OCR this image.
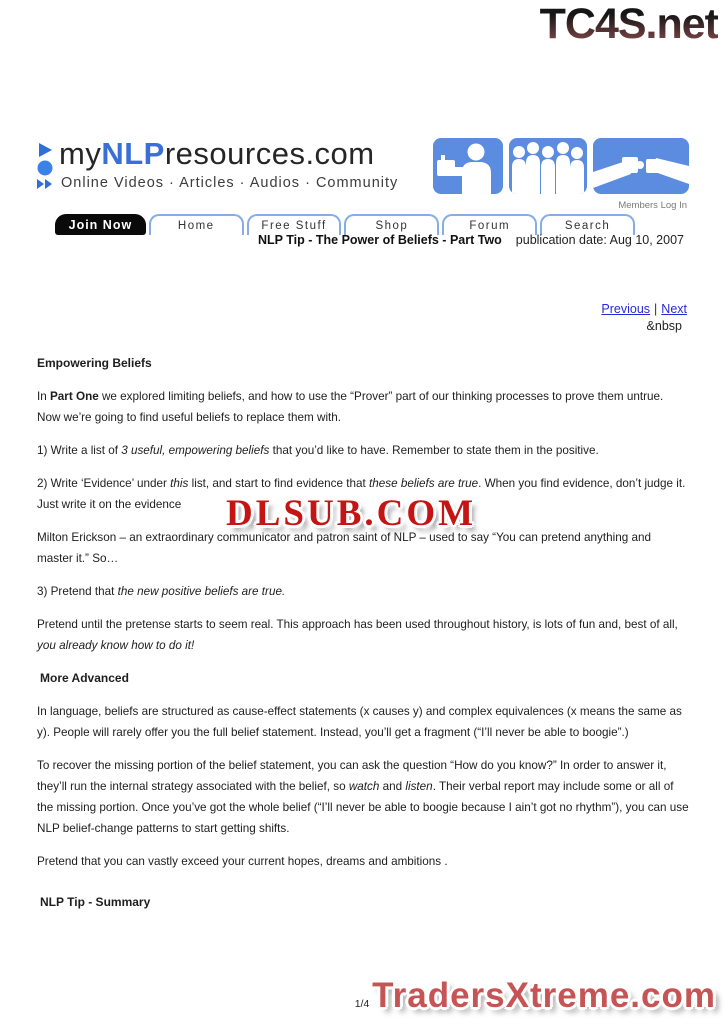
TC4S.net
myNLPresources.com
Online Videos · Articles · Audios · Community
Members Log In
Join Now	Home	Free Stuff	Shop	Forum	Search
NLP Tip - The Power of Beliefs - Part Two publication date: Aug 10, 2007
Previous | Next
&nbsp

Empowering Beliefs

In Part One we explored limiting beliefs, and how to use the “Prover” part of our thinking processes to prove them untrue. Now we’re going to find useful beliefs to replace them with.

1) Write a list of 3 useful, empowering beliefs that you’d like to have. Remember to state them in the positive.

2) Write ‘Evidence’ under this list, and start to find evidence that these beliefs are true. When you find evidence, don’t judge it. Just write it on the evidence

Milton Erickson – an extraordinary communicator and patron saint of NLP – used to say “You can pretend anything and master it.” So…

3) Pretend that the new positive beliefs are true.

Pretend until the pretense starts to seem real. This approach has been used throughout history, is lots of fun and, best of all, you already know how to do it!

More Advanced

In language, beliefs are structured as cause-effect statements (x causes y) and complex equivalences (x means the same as y). People will rarely offer you the full belief statement. Instead, you’ll get a fragment (“I’ll never be able to boogie”.)

To recover the missing portion of the belief statement, you can ask the question “How do you know?” In order to answer it, they’ll run the internal strategy associated with the belief, so watch and listen. Their verbal report may include some or all of the missing portion. Once you’ve got the whole belief (“I’ll never be able to boogie because I ain’t got no rhythm”), you can use NLP belief-change patterns to start getting shifts.

Pretend that you can vastly exceed your current hopes, dreams and ambitions .

NLP Tip - Summary
DLSUB.COM
1/4 TradersXtreme.com
